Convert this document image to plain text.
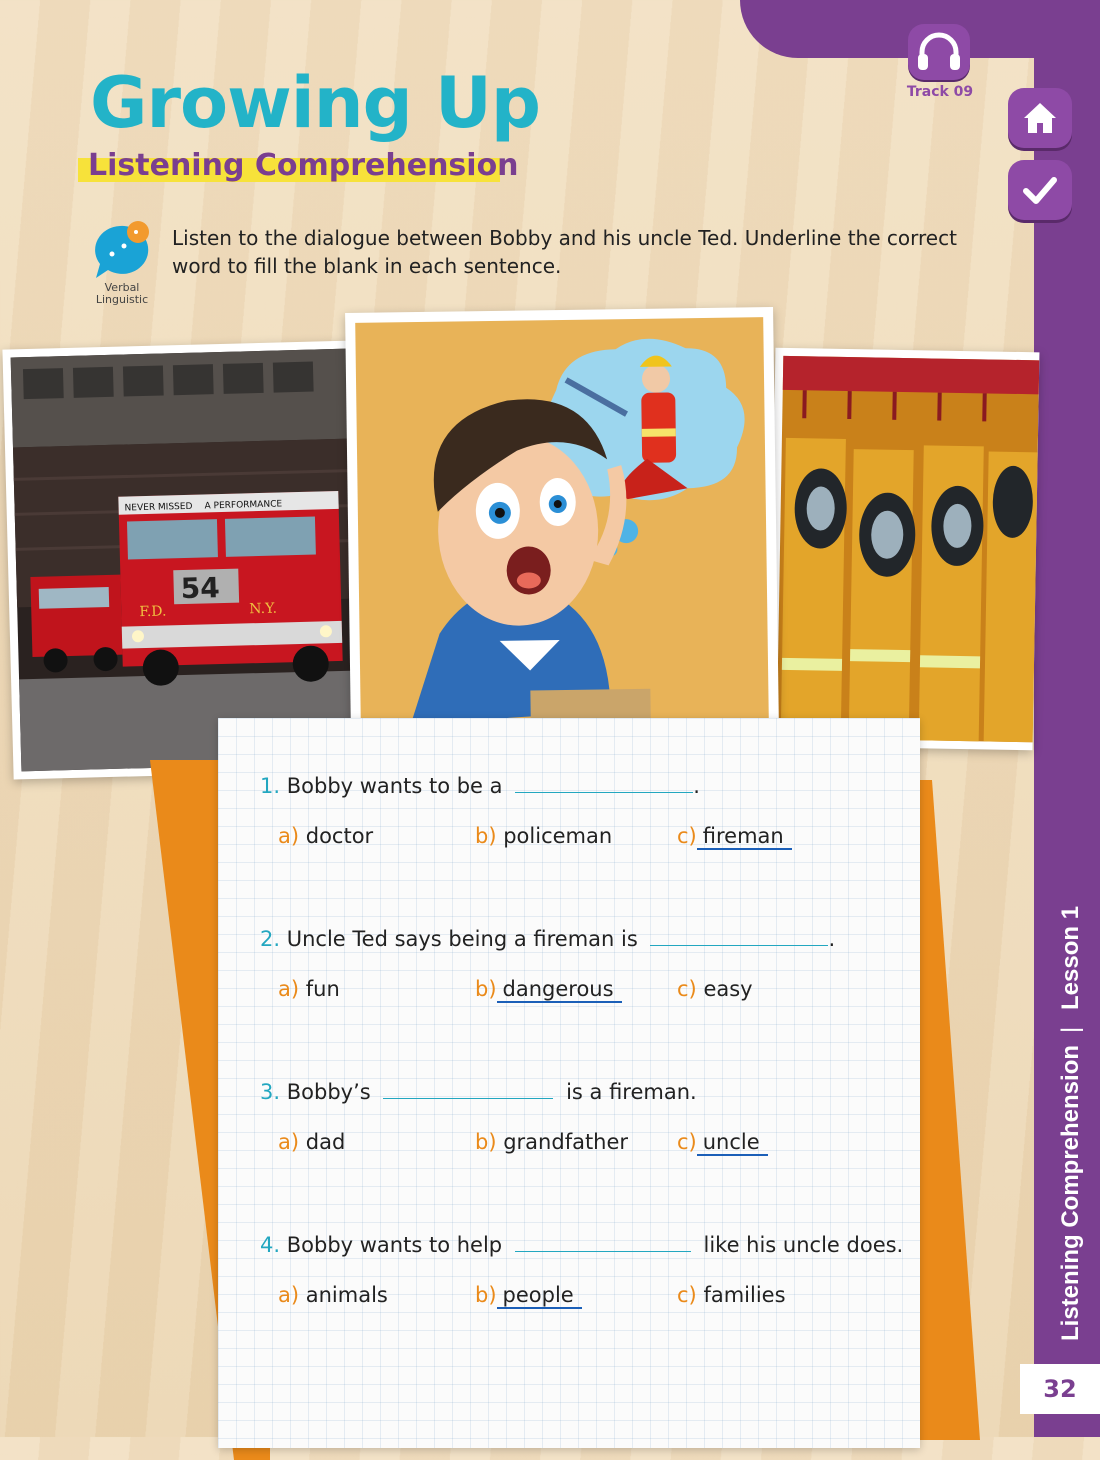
Track 09
Listening Comprehension
|
Lesson 1
32
Growing Up
Listening Comprehension
Verbal
Linguistic
Listen to the dialogue between Bobby and his uncle Ted. Underline the correct word to fill the blank in each sentence.
NEVER MISSED A PERFORMANCE
54
F.D.	N.Y.
1. Bobby wants to be a	.
a) doctor	b) policeman	c) fireman
2. Uncle Ted says being a fireman is	.
a) fun	b) dangerous	c) easy
3. Bobby’s	is a fireman.
a) dad	b) grandfather c) uncle
4. Bobby wants to help	like his uncle does.
a) animals	b) people	c) families
